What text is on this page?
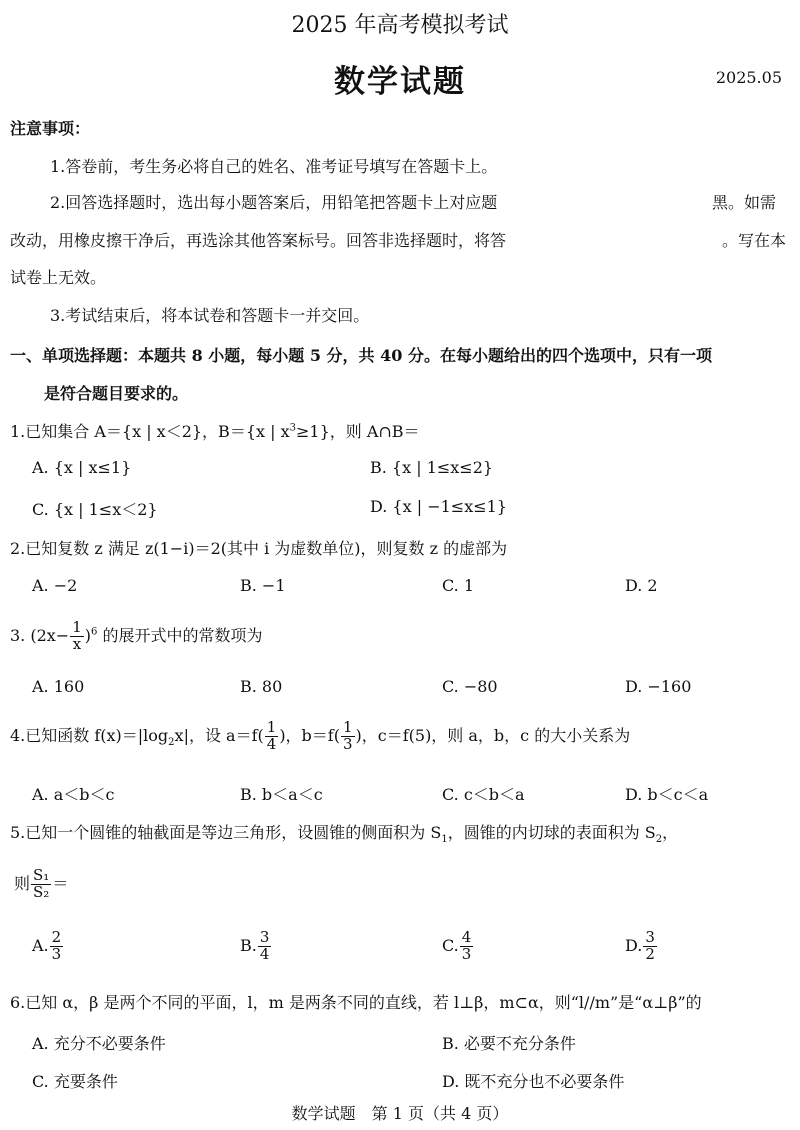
2025 年高考模拟考试
数学试题	2025.05
注意事项：
1.答卷前，考生务必将自己的姓名、准考证号填写在答题卡上。
2.回答选择题时，选出每小题答案后，用铅笔把答题卡上对应题	黑。如需
改动，用橡皮擦干净后，再选涂其他答案标号。回答非选择题时，将答	。写在本
试卷上无效。
3.考试结束后，将本试卷和答题卡一并交回。
一、单项选择题：本题共 8 小题，每小题 5 分，共 40 分。在每小题给出的四个选项中，只有一项
是符合题目要求的。
1.已知集合 A＝{x | x＜2}，B＝{x | $x^3\ge 1$}，则 A∩B＝
A. {x | x≤1}	B. {x | 1≤x≤2}
C. {x | 1≤x＜2}	D. {x | −1≤x≤1}
2.已知复数 z 满足 z(1−i)＝2(其中 i 为虚数单位)，则复数 z 的虚部为
A. −2	B. −1	C. 1	D. 2
3. $(2x- \frac{1}{x} )^6$ 的展开式中的常数项为
A. 160	B. 80	C. −80	D. −160
4.已知函数 $f(x)=|\log_2x|$，设 $a=f( \frac{1}{4}$ )，$b=f( \frac{1}{3}$ )，c＝f(5)，则 a，b，c 的大小关系为
A. a＜b＜c	B. b＜a＜c	C. c＜b＜a	D. b＜c＜a
5.已知一个圆锥的轴截面是等边三角形，设圆锥的侧面积为 $S_1$，圆锥的内切球的表面积为 $S_2$，
则 $\frac{\text{S₁}}{\text{S₂}}$ ＝
A. $\frac{2}{3}$	B. $\frac{3}{4}$	C. $\frac{4}{3}$	D. $\frac{3}{2}$
6.已知 α，β 是两个不同的平面，l，m 是两条不同的直线，若 l⊥β，m⊂α，则“l//m”是“α⊥β”的
A. 充分不必要条件	B. 必要不充分条件
C. 充要条件	D. 既不充分也不必要条件
数学试题　第 1 页（共 4 页）
